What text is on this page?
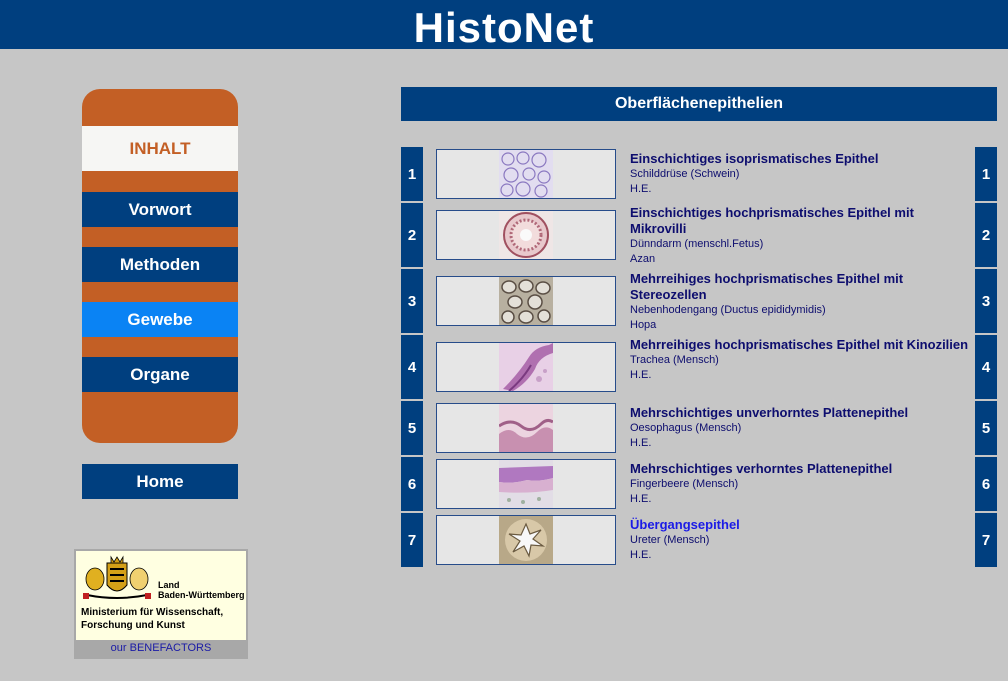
HistoNet
INHALT
Vorwort
Methoden
Gewebe
Organe
Home
Land
Baden-Württemberg
Ministerium für Wissenschaft,
Forschung und Kunst
our BENEFACTORS
Oberflächenepithelien
1
Einschichtiges isoprismatisches Epithel
Schilddrüse (Schwein)
H.E.
1
2
Einschichtiges hochprismatisches Epithel mit Mikrovilli
Dünndarm (menschl.Fetus)
Azan
2
3
Mehrreihiges hochprismatisches Epithel mit Stereozellen
Nebenhodengang (Ductus epididymidis)
Hopa
3
4
Mehrreihiges hochprismatisches Epithel mit Kinozilien
Trachea (Mensch)
H.E.	4
5
Mehrschichtiges unverhorntes Plattenepithel
Oesophagus (Mensch)
H.E.
5
6
Mehrschichtiges verhorntes Plattenepithel
Fingerbeere (Mensch)
H.E.
6
7
Übergangsepithel
Ureter (Mensch)
H.E.
7
